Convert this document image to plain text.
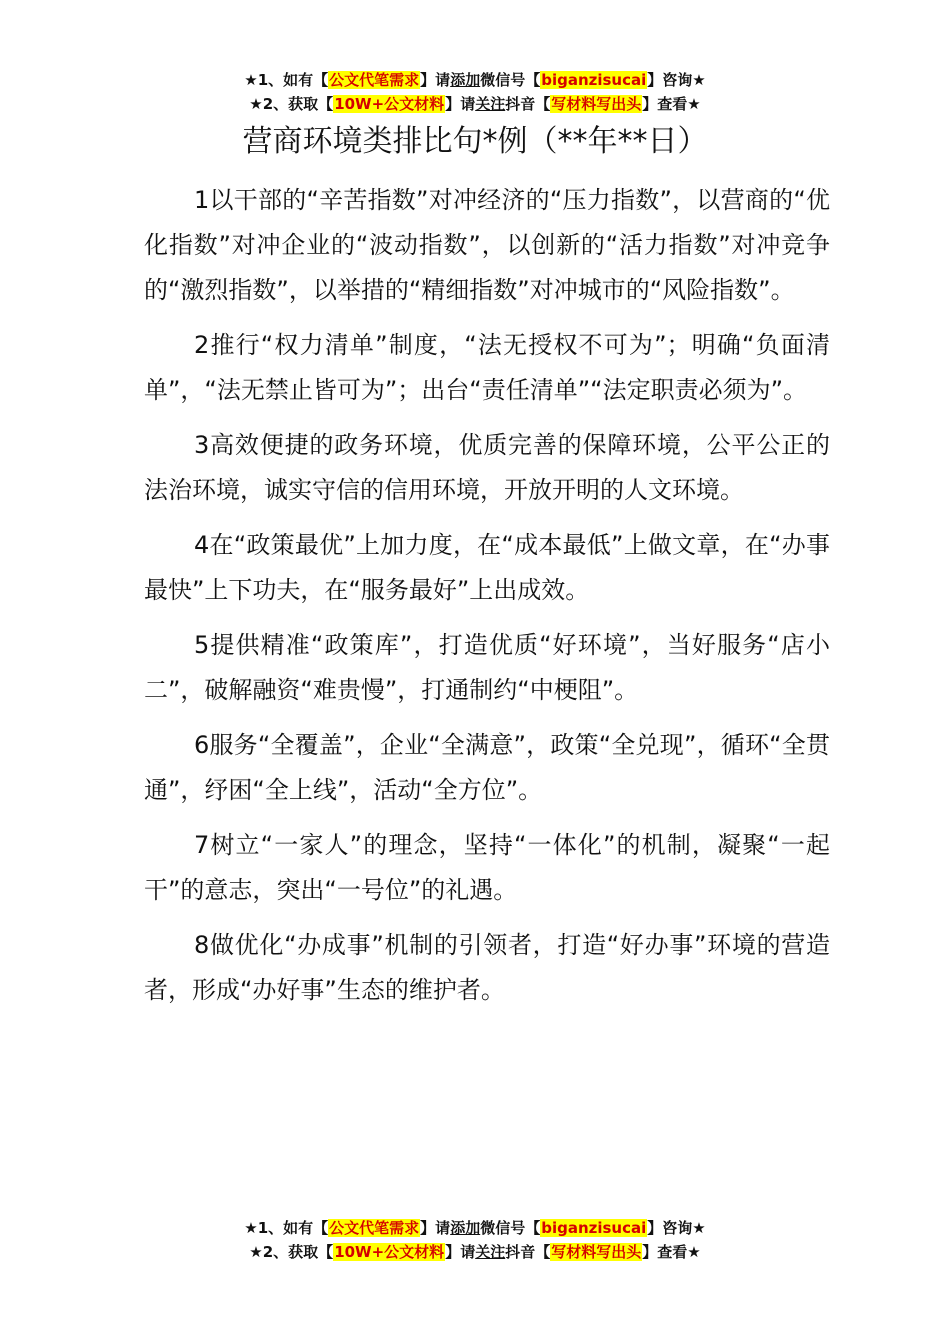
★1、如有【公文代笔需求】请添加微信号【biganzisucai】咨询★
★2、获取【10W+公文材料】请关注抖音【写材料写出头】查看★
营商环境类排比句*例（**年**日）

1以干部的“辛苦指数”对冲经济的“压力指数”，以营商的“优化指数”对冲企业的“波动指数”，以创新的“活力指数”对冲竞争的“激烈指数”，以举措的“精细指数”对冲城市的“风险指数”。

2推行“权力清单”制度，“法无授权不可为”；明确“负面清单”，“法无禁止皆可为”；出台“责任清单”“法定职责必须为”。

3高效便捷的政务环境，优质完善的保障环境，公平公正的法治环境，诚实守信的信用环境，开放开明的人文环境。

4在“政策最优”上加力度，在“成本最低”上做文章，在“办事最快”上下功夫，在“服务最好”上出成效。

5提供精准“政策库”，打造优质“好环境”，当好服务“店小二”，破解融资“难贵慢”，打通制约“中梗阻”。

6服务“全覆盖”，企业“全满意”，政策“全兑现”，循环“全贯通”，纾困“全上线”，活动“全方位”。

7树立“一家人”的理念，坚持“一体化”的机制，凝聚“一起干”的意志，突出“一号位”的礼遇。

8做优化“办成事”机制的引领者，打造“好办事”环境的营造者，形成“办好事”生态的维护者。

★1、如有【公文代笔需求】请添加微信号【biganzisucai】咨询★
★2、获取【10W+公文材料】请关注抖音【写材料写出头】查看★
